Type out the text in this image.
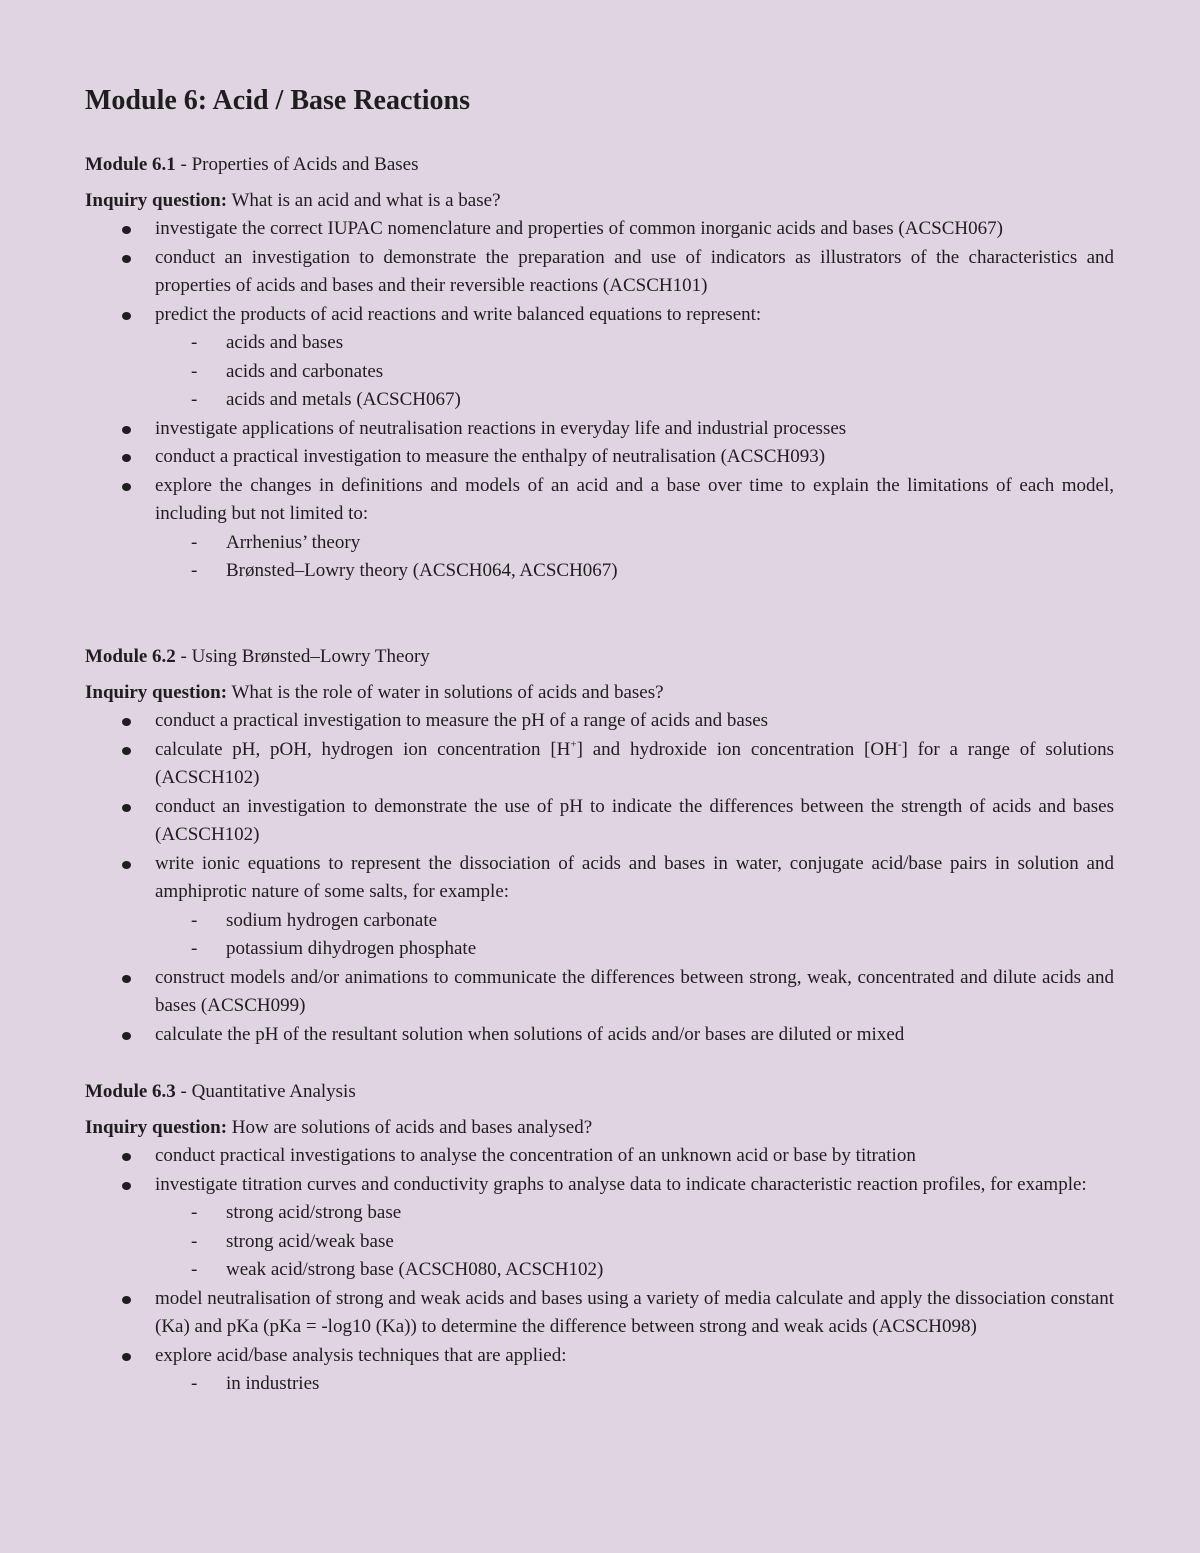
Module 6: Acid / Base Reactions

Module 6.1 - Properties of Acids and Bases

Inquiry question: What is an acid and what is a base?

investigate the correct IUPAC nomenclature and properties of common inorganic acids and bases (ACSCH067)
conduct an investigation to demonstrate the preparation and use of indicators as illustrators of the characteristics and properties of acids and bases and their reversible reactions (ACSCH101)
predict the products of acid reactions and write balanced equations to represent:
- acids and bases
- acids and carbonates
- acids and metals (ACSCH067)
investigate applications of neutralisation reactions in everyday life and industrial processes
conduct a practical investigation to measure the enthalpy of neutralisation (ACSCH093)
explore the changes in definitions and models of an acid and a base over time to explain the limitations of each model, including but not limited to:
- Arrhenius’ theory
- Brønsted–Lowry theory (ACSCH064, ACSCH067)

Module 6.2 - Using Brønsted–Lowry Theory

Inquiry question: What is the role of water in solutions of acids and bases?

conduct a practical investigation to measure the pH of a range of acids and bases
calculate pH, pOH, hydrogen ion concentration [H+] and hydroxide ion concentration [OH-] for a range of solutions (ACSCH102)
conduct an investigation to demonstrate the use of pH to indicate the differences between the strength of acids and bases (ACSCH102)
write ionic equations to represent the dissociation of acids and bases in water, conjugate acid/base pairs in solution and amphiprotic nature of some salts, for example:
- sodium hydrogen carbonate
- potassium dihydrogen phosphate
construct models and/or animations to communicate the differences between strong, weak, concentrated and dilute acids and bases (ACSCH099)
calculate the pH of the resultant solution when solutions of acids and/or bases are diluted or mixed

Module 6.3 - Quantitative Analysis

Inquiry question: How are solutions of acids and bases analysed?

conduct practical investigations to analyse the concentration of an unknown acid or base by titration
investigate titration curves and conductivity graphs to analyse data to indicate characteristic reaction profiles, for example:
- strong acid/strong base
- strong acid/weak base
- weak acid/strong base (ACSCH080, ACSCH102)
model neutralisation of strong and weak acids and bases using a variety of media calculate and apply the dissociation constant (Ka) and pKa (pKa = -log10 (Ka)) to determine the difference between strong and weak acids (ACSCH098)
explore acid/base analysis techniques that are applied:
- in industries
